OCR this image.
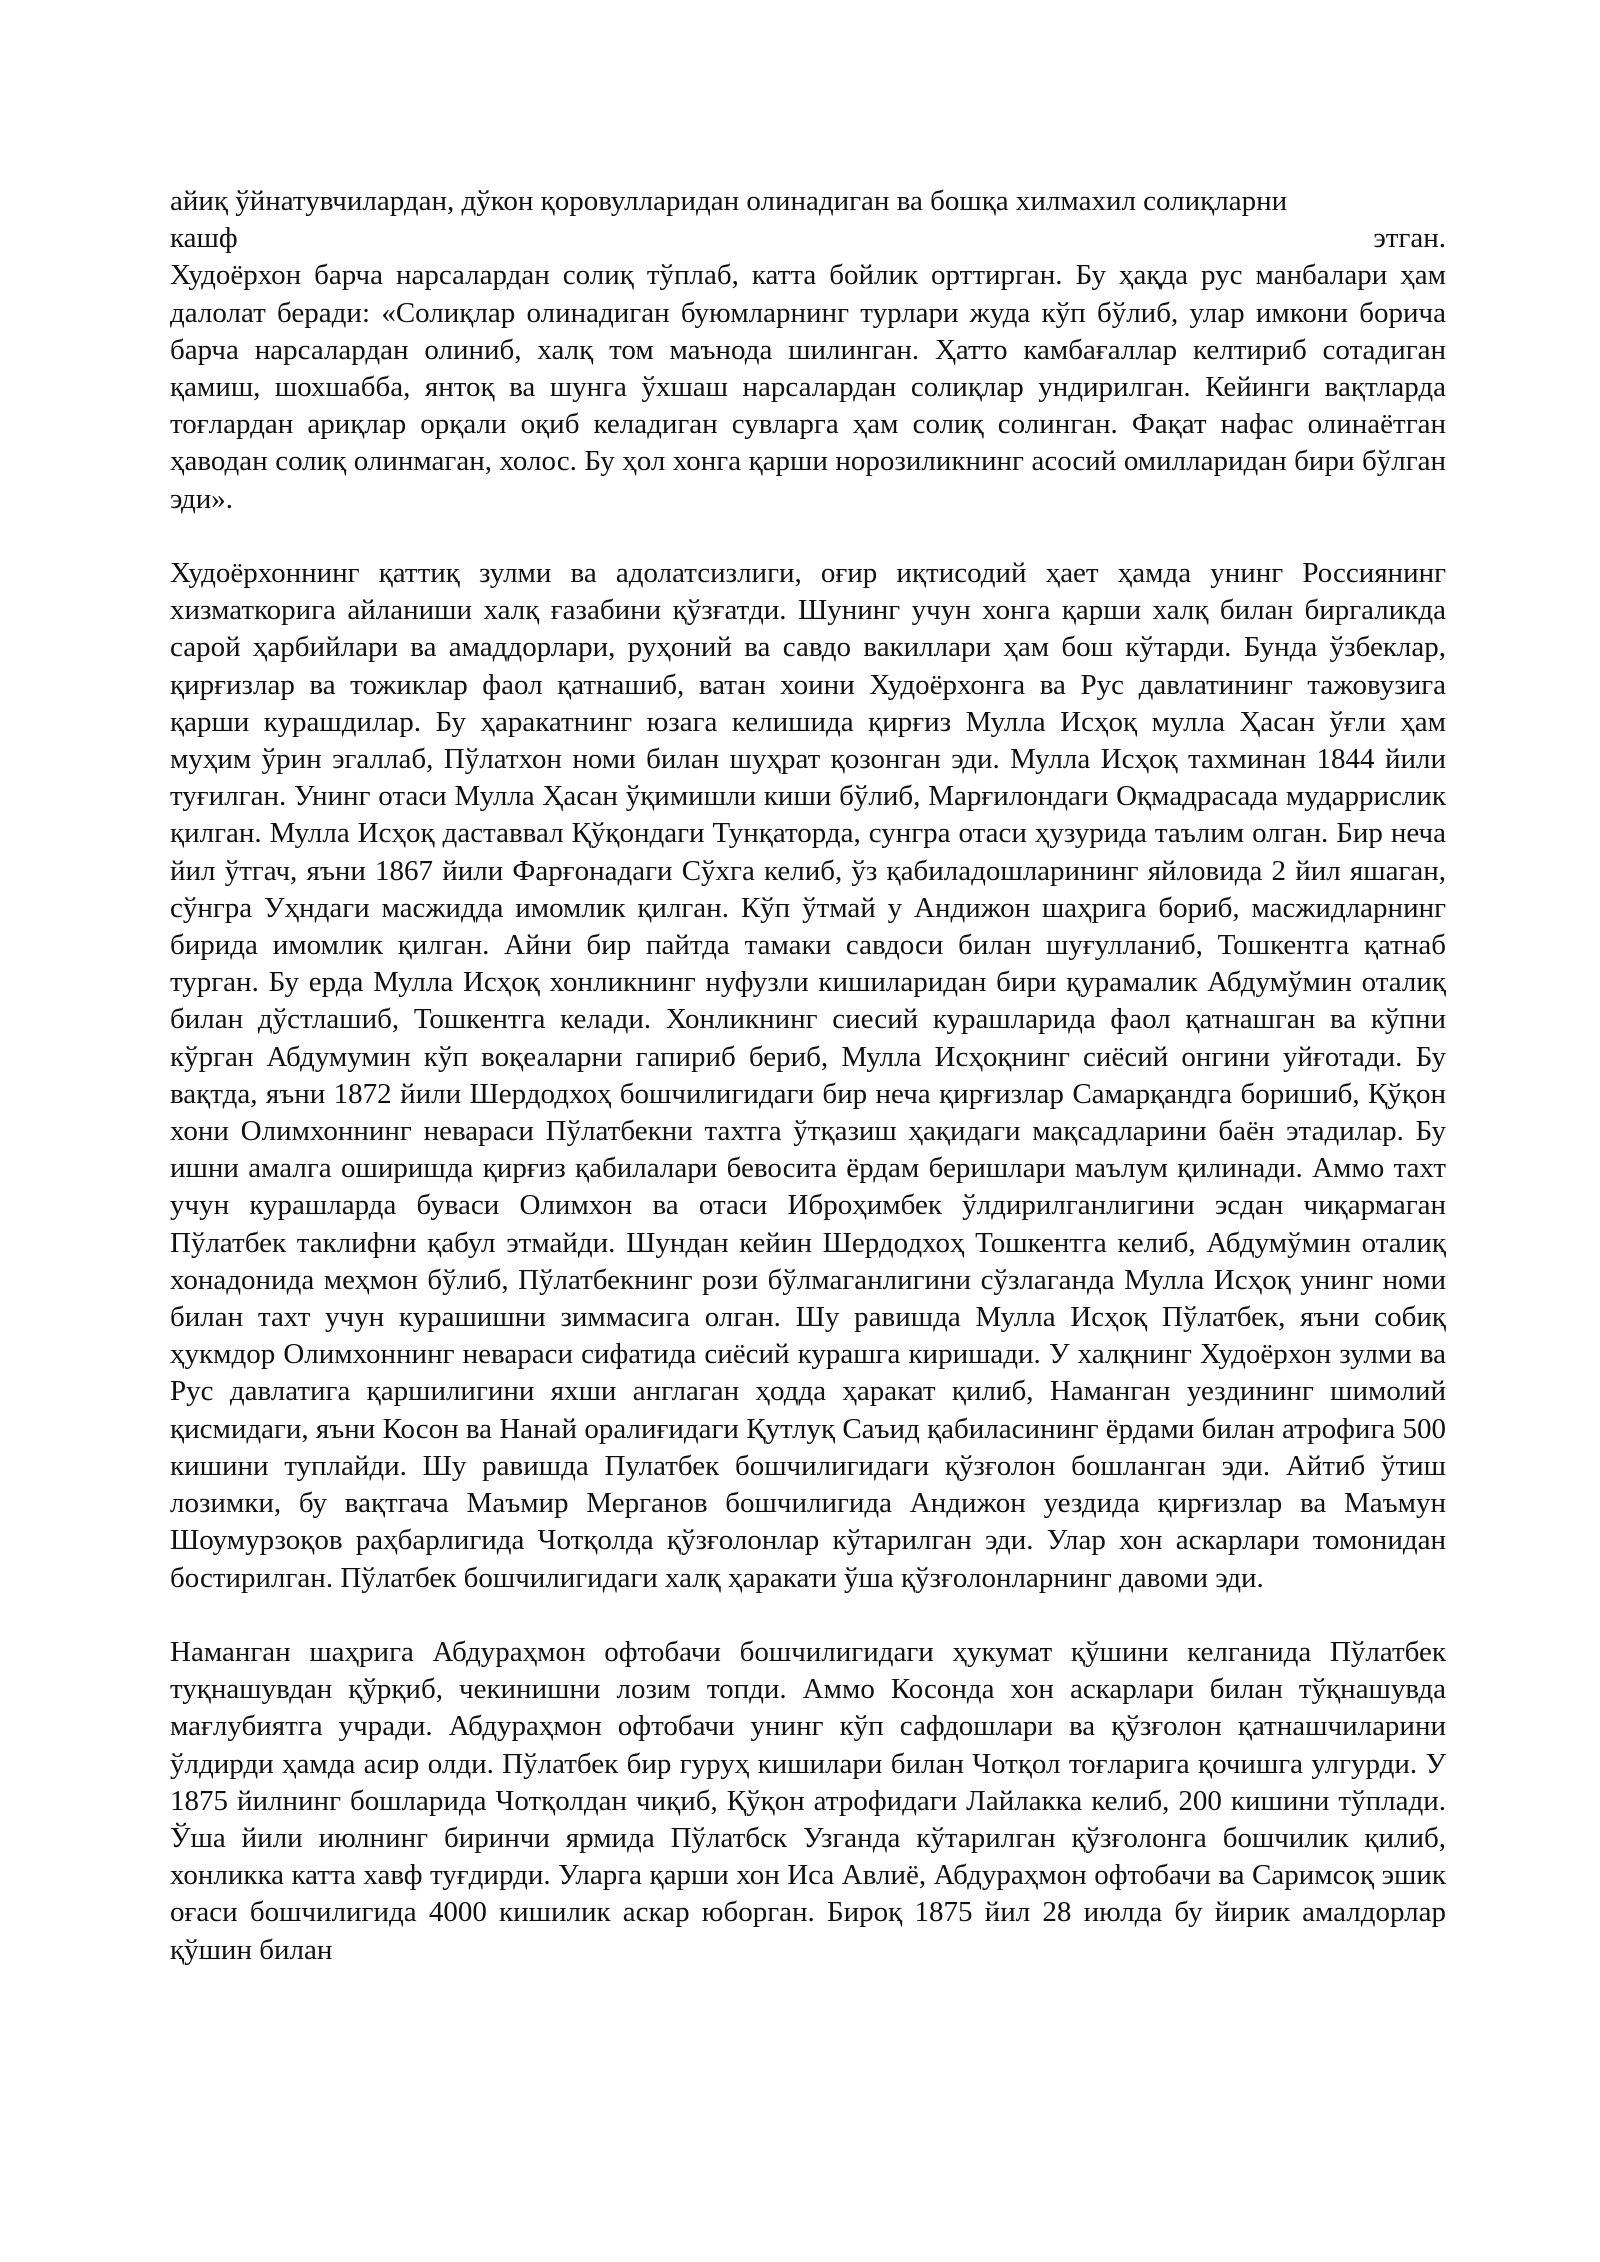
айиқ ўйнатувчилардан, дўкон қоровулларидан олинадиган ва бошқа хилмахил солиқларни
кашф этган.
Худоёрхон барча нарсалардан солиқ тўплаб, катта бойлик орттирган. Бу ҳақда рус манбалари ҳам далолат беради: «Солиқлар олинадиган буюмларнинг турлари жуда кўп бўлиб, улар имкони борича барча нарсалардан олиниб, халқ том маънода шилинган. Ҳатто камбағаллар келтириб сотадиган қамиш, шохшабба, янтоқ ва шунга ўхшаш нарсалардан солиқлар ундирилган. Кейинги вақтларда тоғлардан ариқлар орқали оқиб келадиган сувларга ҳам солиқ солинган. Фақат нафас олинаётган ҳаводан солиқ олинмаган, холос. Бу ҳол хонга қарши норозиликнинг асосий омилларидан бири бўлган эди».

Худоёрхоннинг қаттиқ зулми ва адолатсизлиги, оғир иқтисодий ҳает ҳамда унинг Россиянинг хизматкорига айланиши халқ ғазабини қўзғатди. Шунинг учун хонга қарши халқ билан биргаликда сарой ҳарбийлари ва амаддорлари, руҳоний ва савдо вакиллари ҳам бош кўтарди. Бунда ўзбеклар, қирғизлар ва тожиклар фаол қатнашиб, ватан хоини Худоёрхонга ва Рус давлатининг тажовузига қарши курашдилар. Бу ҳаракатнинг юзага келишида қирғиз Мулла Исҳоқ мулла Ҳасан ўғли ҳам муҳим ўрин эгаллаб, Пўлатхон номи билан шуҳрат қозонган эди. Мулла Исҳоқ тахминан 1844 йили туғилган. Унинг отаси Мулла Ҳасан ўқимишли киши бўлиб, Марғилондаги Оқмадрасада мударрислик қилган. Мулла Исҳоқ даставвал Қўқондаги Тунқаторда, сунгра отаси ҳузурида таълим олган. Бир неча йил ўтгач, яъни 1867 йили Фарғонадаги Сўхга келиб, ўз қабиладошларининг яйловида 2 йил яшаган, сўнгра Уҳндаги масжидда имомлик қилган. Кўп ўтмай у Андижон шаҳрига бориб, масжидларнинг бирида имомлик қилган. Айни бир пайтда тамаки савдоси билан шуғулланиб, Тошкентга қатнаб турган. Бу ерда Мулла Исҳоқ хонликнинг нуфузли кишиларидан бири қурамалик Абдумўмин оталиқ билан дўстлашиб, Тошкентга келади. Хонликнинг сиесий курашларида фаол қатнашган ва кўпни кўрган Абдумумин кўп воқеаларни гапириб бериб, Мулла Исҳоқнинг сиёсий онгини уйғотади. Бу вақтда, яъни 1872 йили Шердодхоҳ бошчилигидаги бир неча қирғизлар Самарқандга боришиб, Қўқон хони Олимхоннинг невараси Пўлатбекни тахтга ўтқазиш ҳақидаги мақсадларини баён этадилар. Бу ишни амалга оширишда қирғиз қабилалари бевосита ёрдам беришлари маълум қилинади. Аммо тахт учун курашларда буваси Олимхон ва отаси Иброҳимбек ўлдирилганлигини эсдан чиқармаган Пўлатбек таклифни қабул этмайди. Шундан кейин Шердодхоҳ Тошкентга келиб, Абдумўмин оталиқ хонадонида меҳмон бўлиб, Пўлатбекнинг рози бўлмаганлигини сўзлаганда Мулла Исҳоқ унинг номи билан тахт учун курашишни зиммасига олган. Шу равишда Мулла Исҳоқ Пўлатбек, яъни собиқ ҳукмдор Олимхоннинг невараси сифатида сиёсий курашга киришади. У халқнинг Худоёрхон зулми ва Рус давлатига қаршилигини яхши англаган ҳодда ҳаракат қилиб, Наманган уездининг шимолий қисмидаги, яъни Косон ва Нанай оралиғидаги Қутлуқ Саъид қабиласининг ёрдами билан атрофига 500 кишини туплайди. Шу равишда Пулатбек бошчилигидаги қўзғолон бошланган эди. Айтиб ўтиш лозимки, бу вақтгача Маъмир Мерганов бошчилигида Андижон уездида қирғизлар ва Маъмун Шоумурзоқов раҳбарлигида Чотқолда қўзғолонлар кўтарилган эди. Улар хон аскарлари томонидан бостирилган. Пўлатбек бошчилигидаги халқ ҳаракати ўша қўзғолонларнинг давоми эди.

Наманган шаҳрига Абдураҳмон офтобачи бошчилигидаги ҳукумат қўшини келганида Пўлатбек туқнашувдан қўрқиб, чекинишни лозим топди. Аммо Косонда хон аскарлари билан тўқнашувда мағлубиятга учради. Абдураҳмон офтобачи унинг кўп сафдошлари ва қўзғолон қатнашчиларини ўлдирди ҳамда асир олди. Пўлатбек бир гуруҳ кишилари билан Чотқол тоғларига қочишга улгурди. У 1875 йилнинг бошларида Чотқолдан чиқиб, Қўқон атрофидаги Лайлакка келиб, 200 кишини тўплади. Ўша йили июлнинг биринчи ярмида Пўлатбск Узганда кўтарилган қўзғолонга бошчилик қилиб, хонликка катта хавф туғдирди. Уларга қарши хон Иса Авлиё, Абдураҳмон офтобачи ва Саримсоқ эшик оғаси бошчилигида 4000 кишилик аскар юборган. Бироқ 1875 йил 28 июлда бу йирик амалдорлар қўшин билан
